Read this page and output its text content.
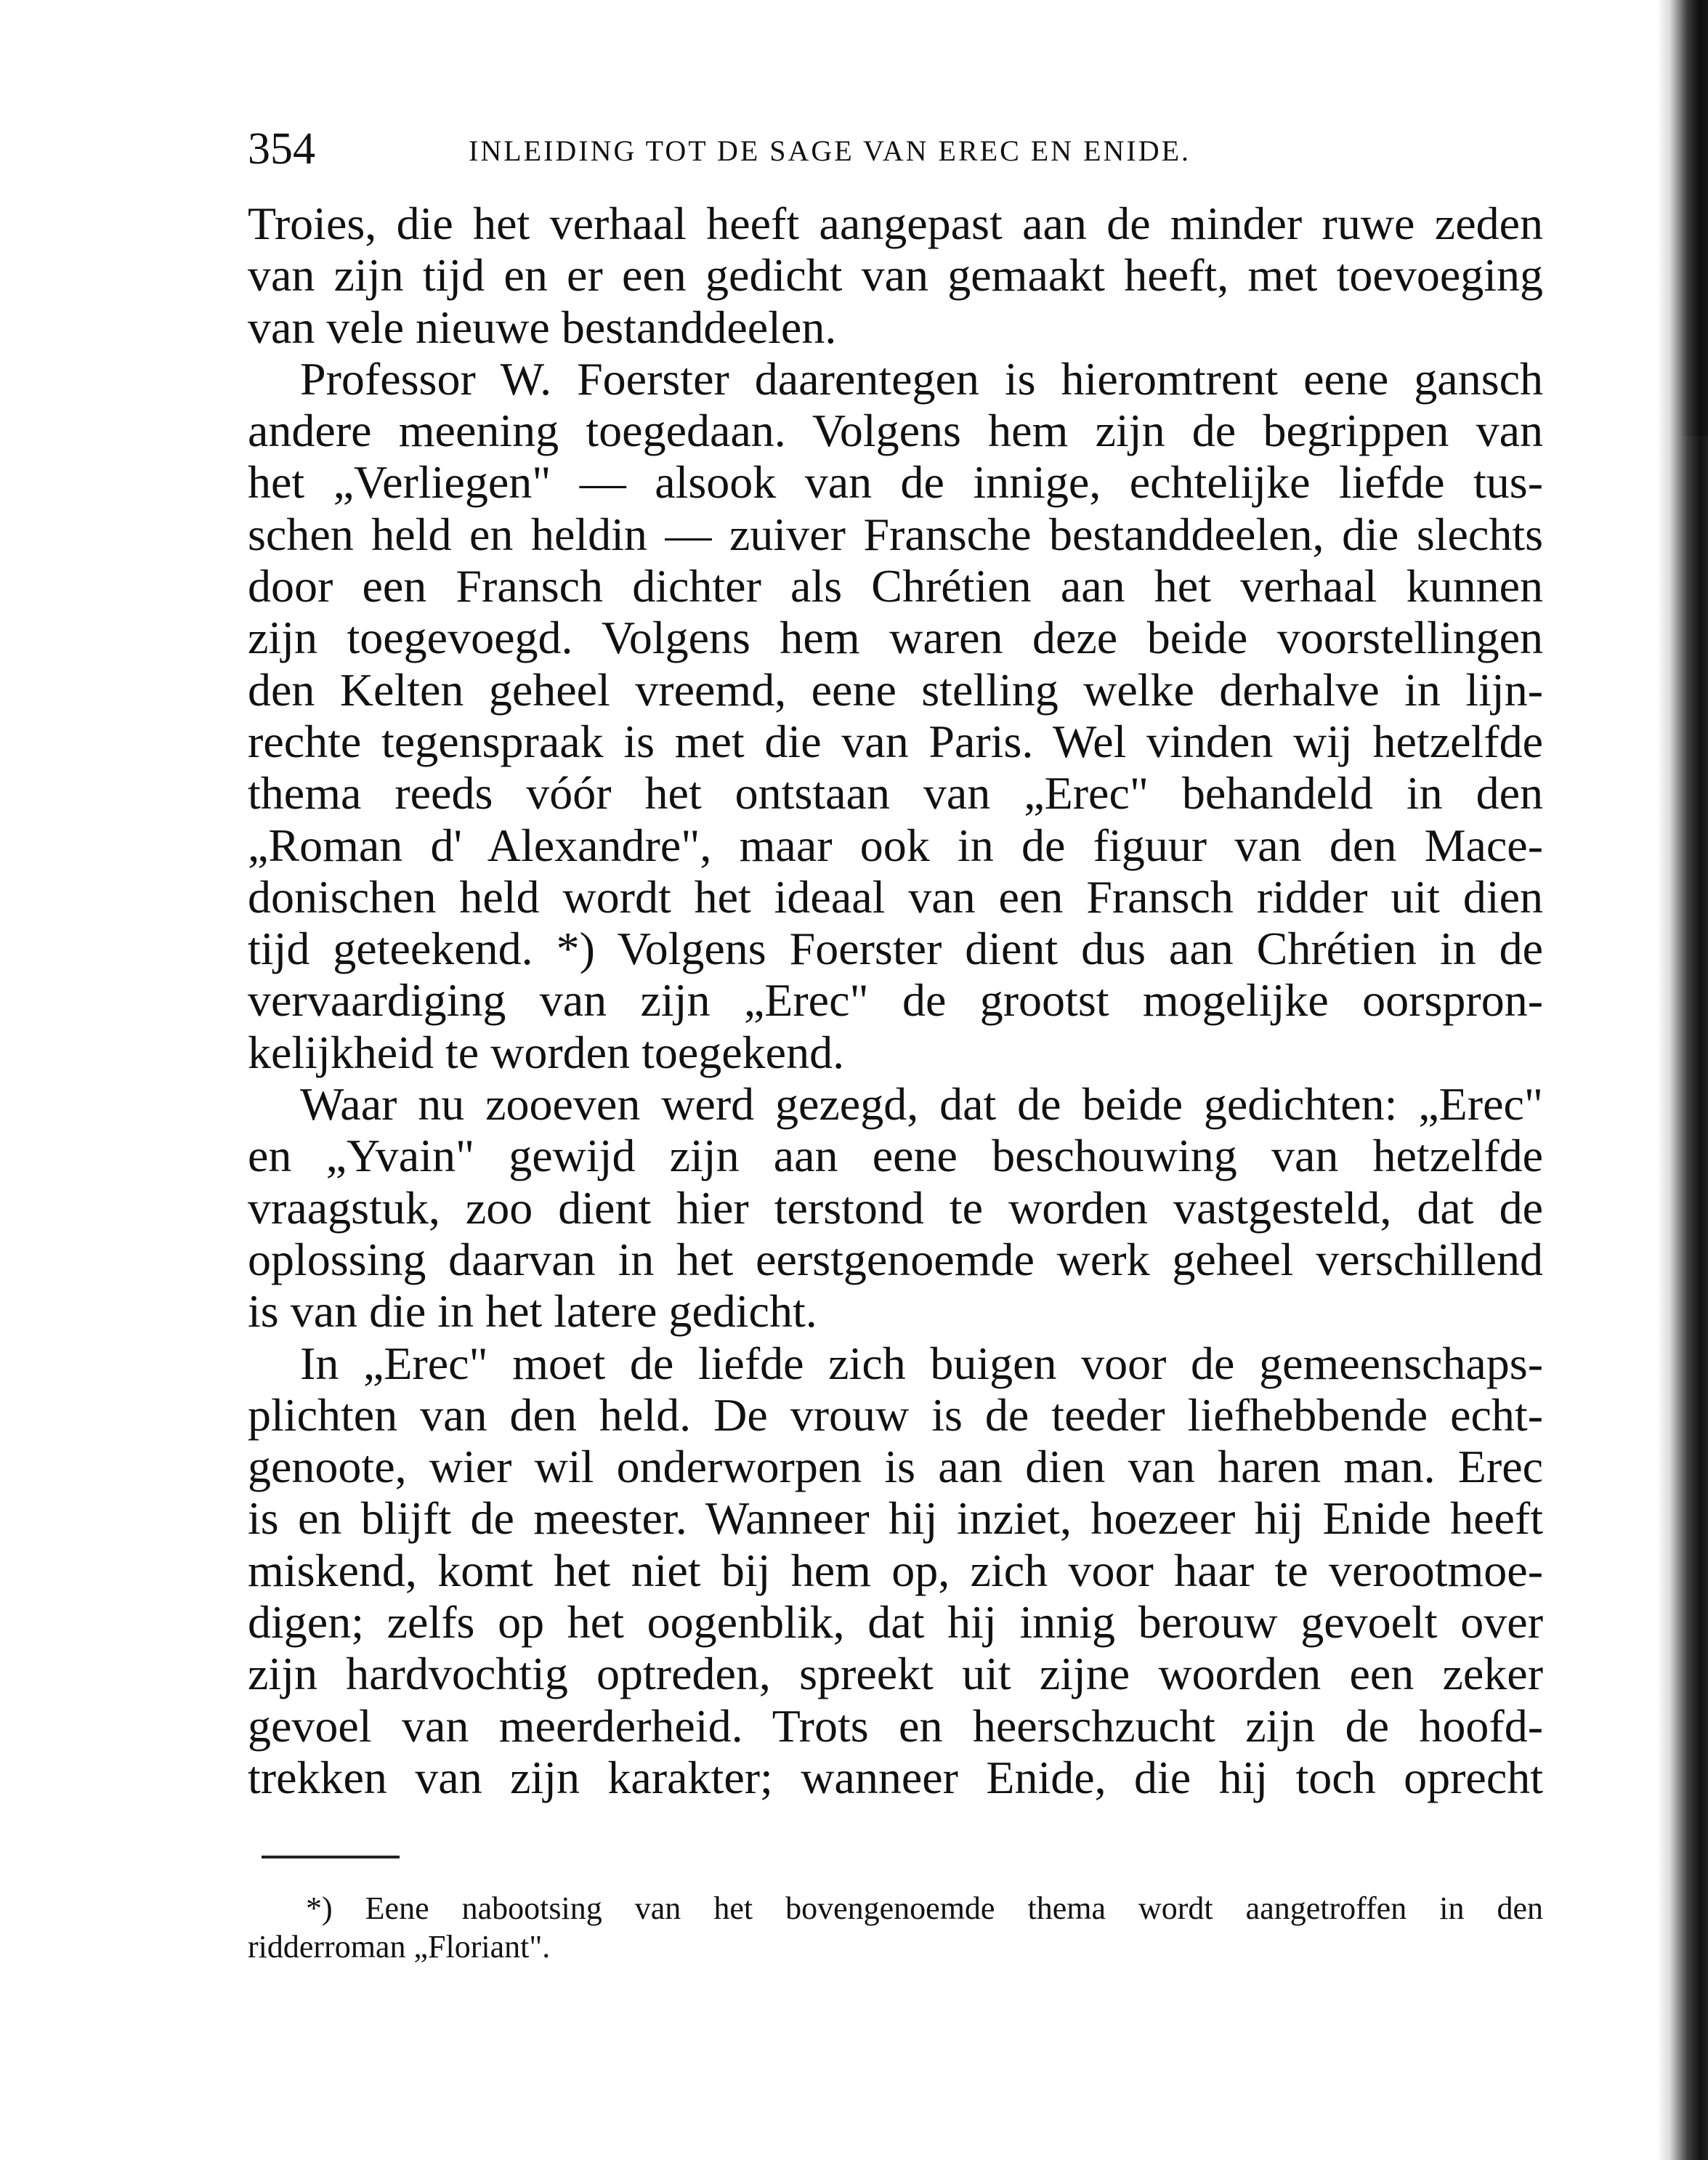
354	INLEIDING TOT DE SAGE VAN EREC EN ENIDE.
Troies, die het verhaal heeft aangepast aan de minder ruwe zeden
van zijn tijd en er een gedicht van gemaakt heeft, met toevoeging
van vele nieuwe bestanddeelen.
Professor W. Foerster daarentegen is hieromtrent eene gansch
andere meening toegedaan. Volgens hem zijn de begrippen van
het „Verliegen" — alsook van de innige, echtelijke liefde tus-
schen held en heldin — zuiver Fransche bestanddeelen, die slechts
door een Fransch dichter als Chrétien aan het verhaal kunnen
zijn toegevoegd. Volgens hem waren deze beide voorstellingen
den Kelten geheel vreemd, eene stelling welke derhalve in lijn-
rechte tegenspraak is met die van Paris. Wel vinden wij hetzelfde
thema reeds vóór het ontstaan van „Erec" behandeld in den
„Roman d' Alexandre", maar ook in de figuur van den Mace-
donischen held wordt het ideaal van een Fransch ridder uit dien
tijd geteekend. *) Volgens Foerster dient dus aan Chrétien in de
vervaardiging van zijn „Erec" de grootst mogelijke oorspron-
kelijkheid te worden toegekend.
Waar nu zooeven werd gezegd, dat de beide gedichten: „Erec"
en „Yvain" gewijd zijn aan eene beschouwing van hetzelfde
vraagstuk, zoo dient hier terstond te worden vastgesteld, dat de
oplossing daarvan in het eerstgenoemde werk geheel verschillend
is van die in het latere gedicht.
In „Erec" moet de liefde zich buigen voor de gemeenschaps-
plichten van den held. De vrouw is de teeder liefhebbende echt-
genoote, wier wil onderworpen is aan dien van haren man. Erec
is en blijft de meester. Wanneer hij inziet, hoezeer hij Enide heeft
miskend, komt het niet bij hem op, zich voor haar te verootmoe-
digen; zelfs op het oogenblik, dat hij innig berouw gevoelt over
zijn hardvochtig optreden, spreekt uit zijne woorden een zeker
gevoel van meerderheid. Trots en heerschzucht zijn de hoofd-
trekken van zijn karakter; wanneer Enide, die hij toch oprecht
*) Eene nabootsing van het bovengenoemde thema wordt aangetroffen in den
ridderroman „Floriant".
